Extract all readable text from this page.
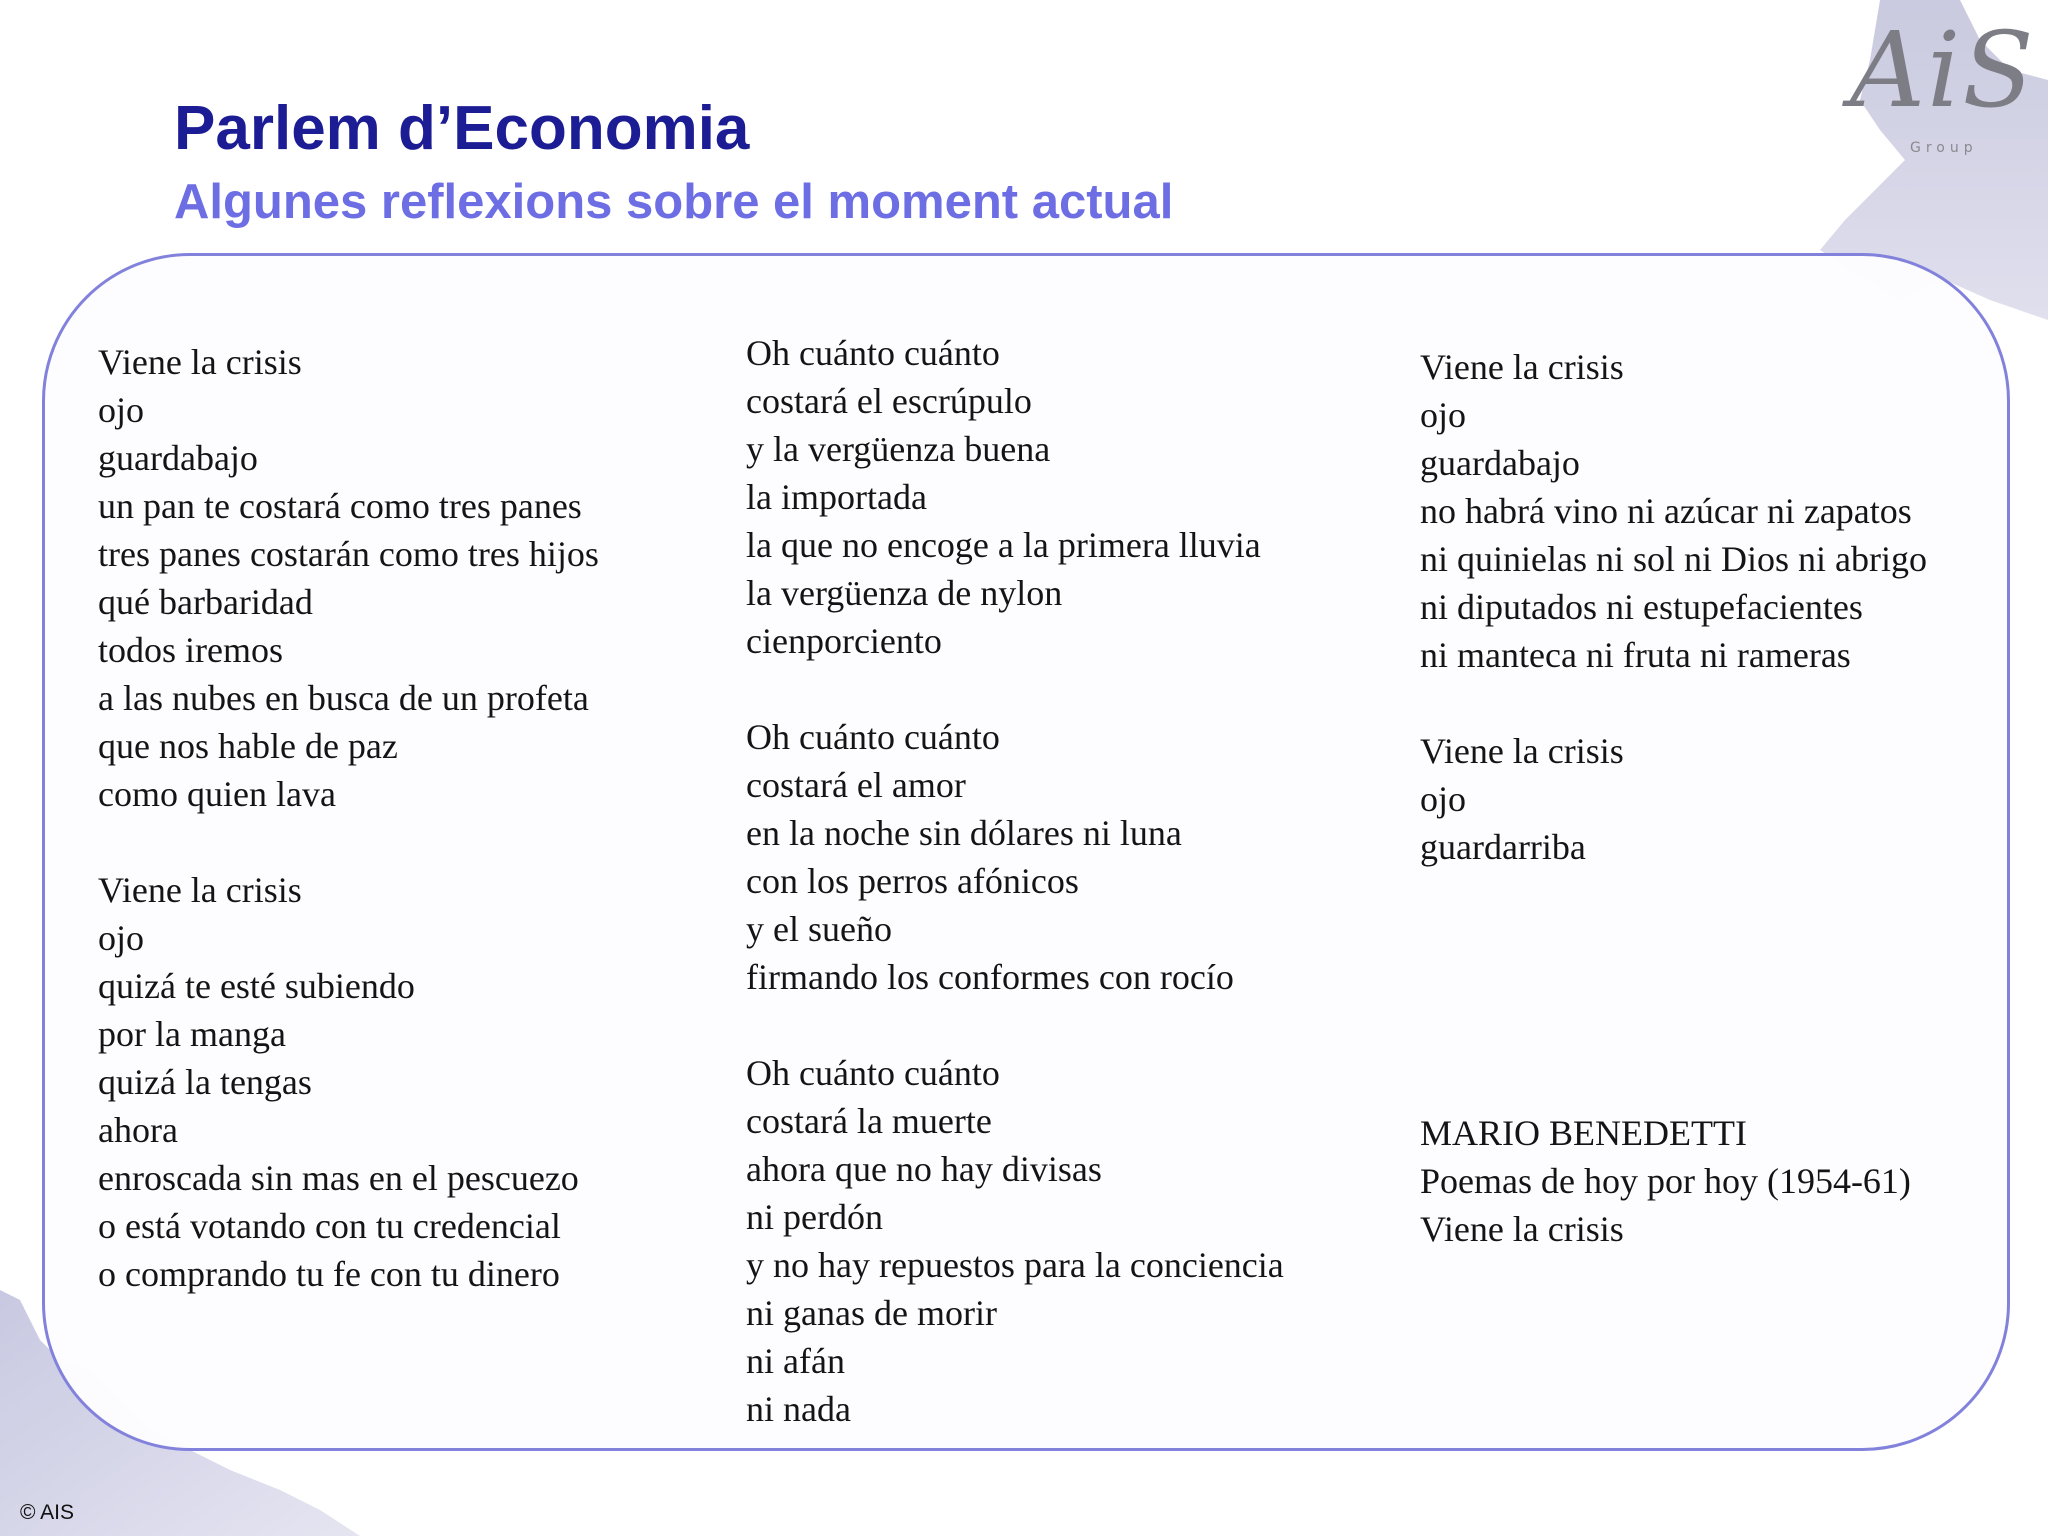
AiS
Group
Parlem d’Economia
Algunes reflexions sobre el moment actual
Viene la crisis
ojo
guardabajo
un pan te costará como tres panes
tres panes costarán como tres hijos
qué barbaridad
todos iremos
a las nubes en busca de un profeta
que nos hable de paz
como quien lava
Viene la crisis
ojo
quizá te esté subiendo
por la manga
quizá la tengas
ahora
enroscada sin mas en el pescuezo
o está votando con tu credencial
o comprando tu fe con tu dinero
Oh cuánto cuánto
costará el escrúpulo
y la vergüenza buena
la importada
la que no encoge a la primera lluvia
la vergüenza de nylon
cienporciento
Oh cuánto cuánto
costará el amor
en la noche sin dólares ni luna
con los perros afónicos
y el sueño
firmando los conformes con rocío
Oh cuánto cuánto
costará la muerte
ahora que no hay divisas
ni perdón
y no hay repuestos para la conciencia
ni ganas de morir
ni afán
ni nada
Viene la crisis
ojo
guardabajo
no habrá vino ni azúcar ni zapatos
ni quinielas ni sol ni Dios ni abrigo
ni diputados ni estupefacientes
ni manteca ni fruta ni rameras
Viene la crisis
ojo
guardarriba
MARIO BENEDETTI
Poemas de hoy por hoy (1954-61)
Viene la crisis
© AIS
